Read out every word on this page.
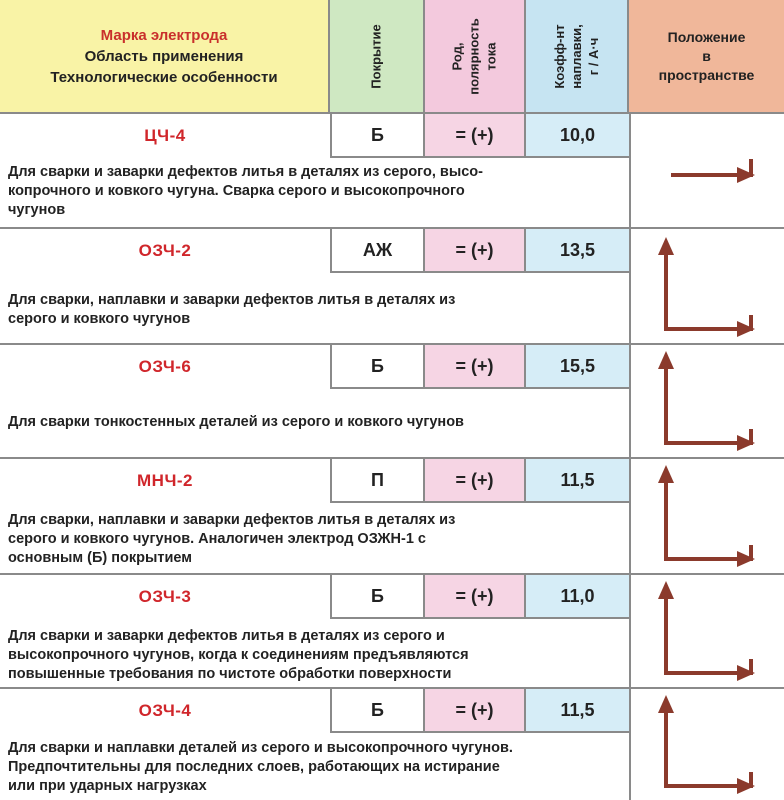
Марка электрода
Область применения
Технологические особенности	Покрытие	Род, полярность тока	Коэфф-нт наплавки, г / А·ч
Положение
в
пространстве
ЦЧ-4	Б	= (+)	10,0
Для сварки и заварки дефектов литья в деталях из серого, высо-
копрочного и ковкого чугуна. Сварка серого и высокопрочного
чугунов
ОЗЧ-2	АЖ	= (+)	13,5
Для сварки, наплавки и заварки дефектов литья в деталях из
серого и ковкого чугунов
ОЗЧ-6	Б	= (+)	15,5
Для сварки тонкостенных деталей из серого и ковкого чугунов
МНЧ-2	П	= (+)	11,5
Для сварки, наплавки и заварки дефектов литья в деталях из
серого и ковкого чугунов. Аналогичен электрод ОЗЖН-1 с
основным (Б) покрытием
ОЗЧ-3	Б	= (+)	11,0
Для сварки и заварки дефектов литья в деталях из серого и
высокопрочного чугунов, когда к соединениям предъявляются
повышенные требования по чистоте обработки поверхности
ОЗЧ-4	Б	= (+)	11,5
Для сварки и наплавки деталей из серого и высокопрочного чугунов.
Предпочтительны для последних слоев, работающих на истирание
или при ударных нагрузках
